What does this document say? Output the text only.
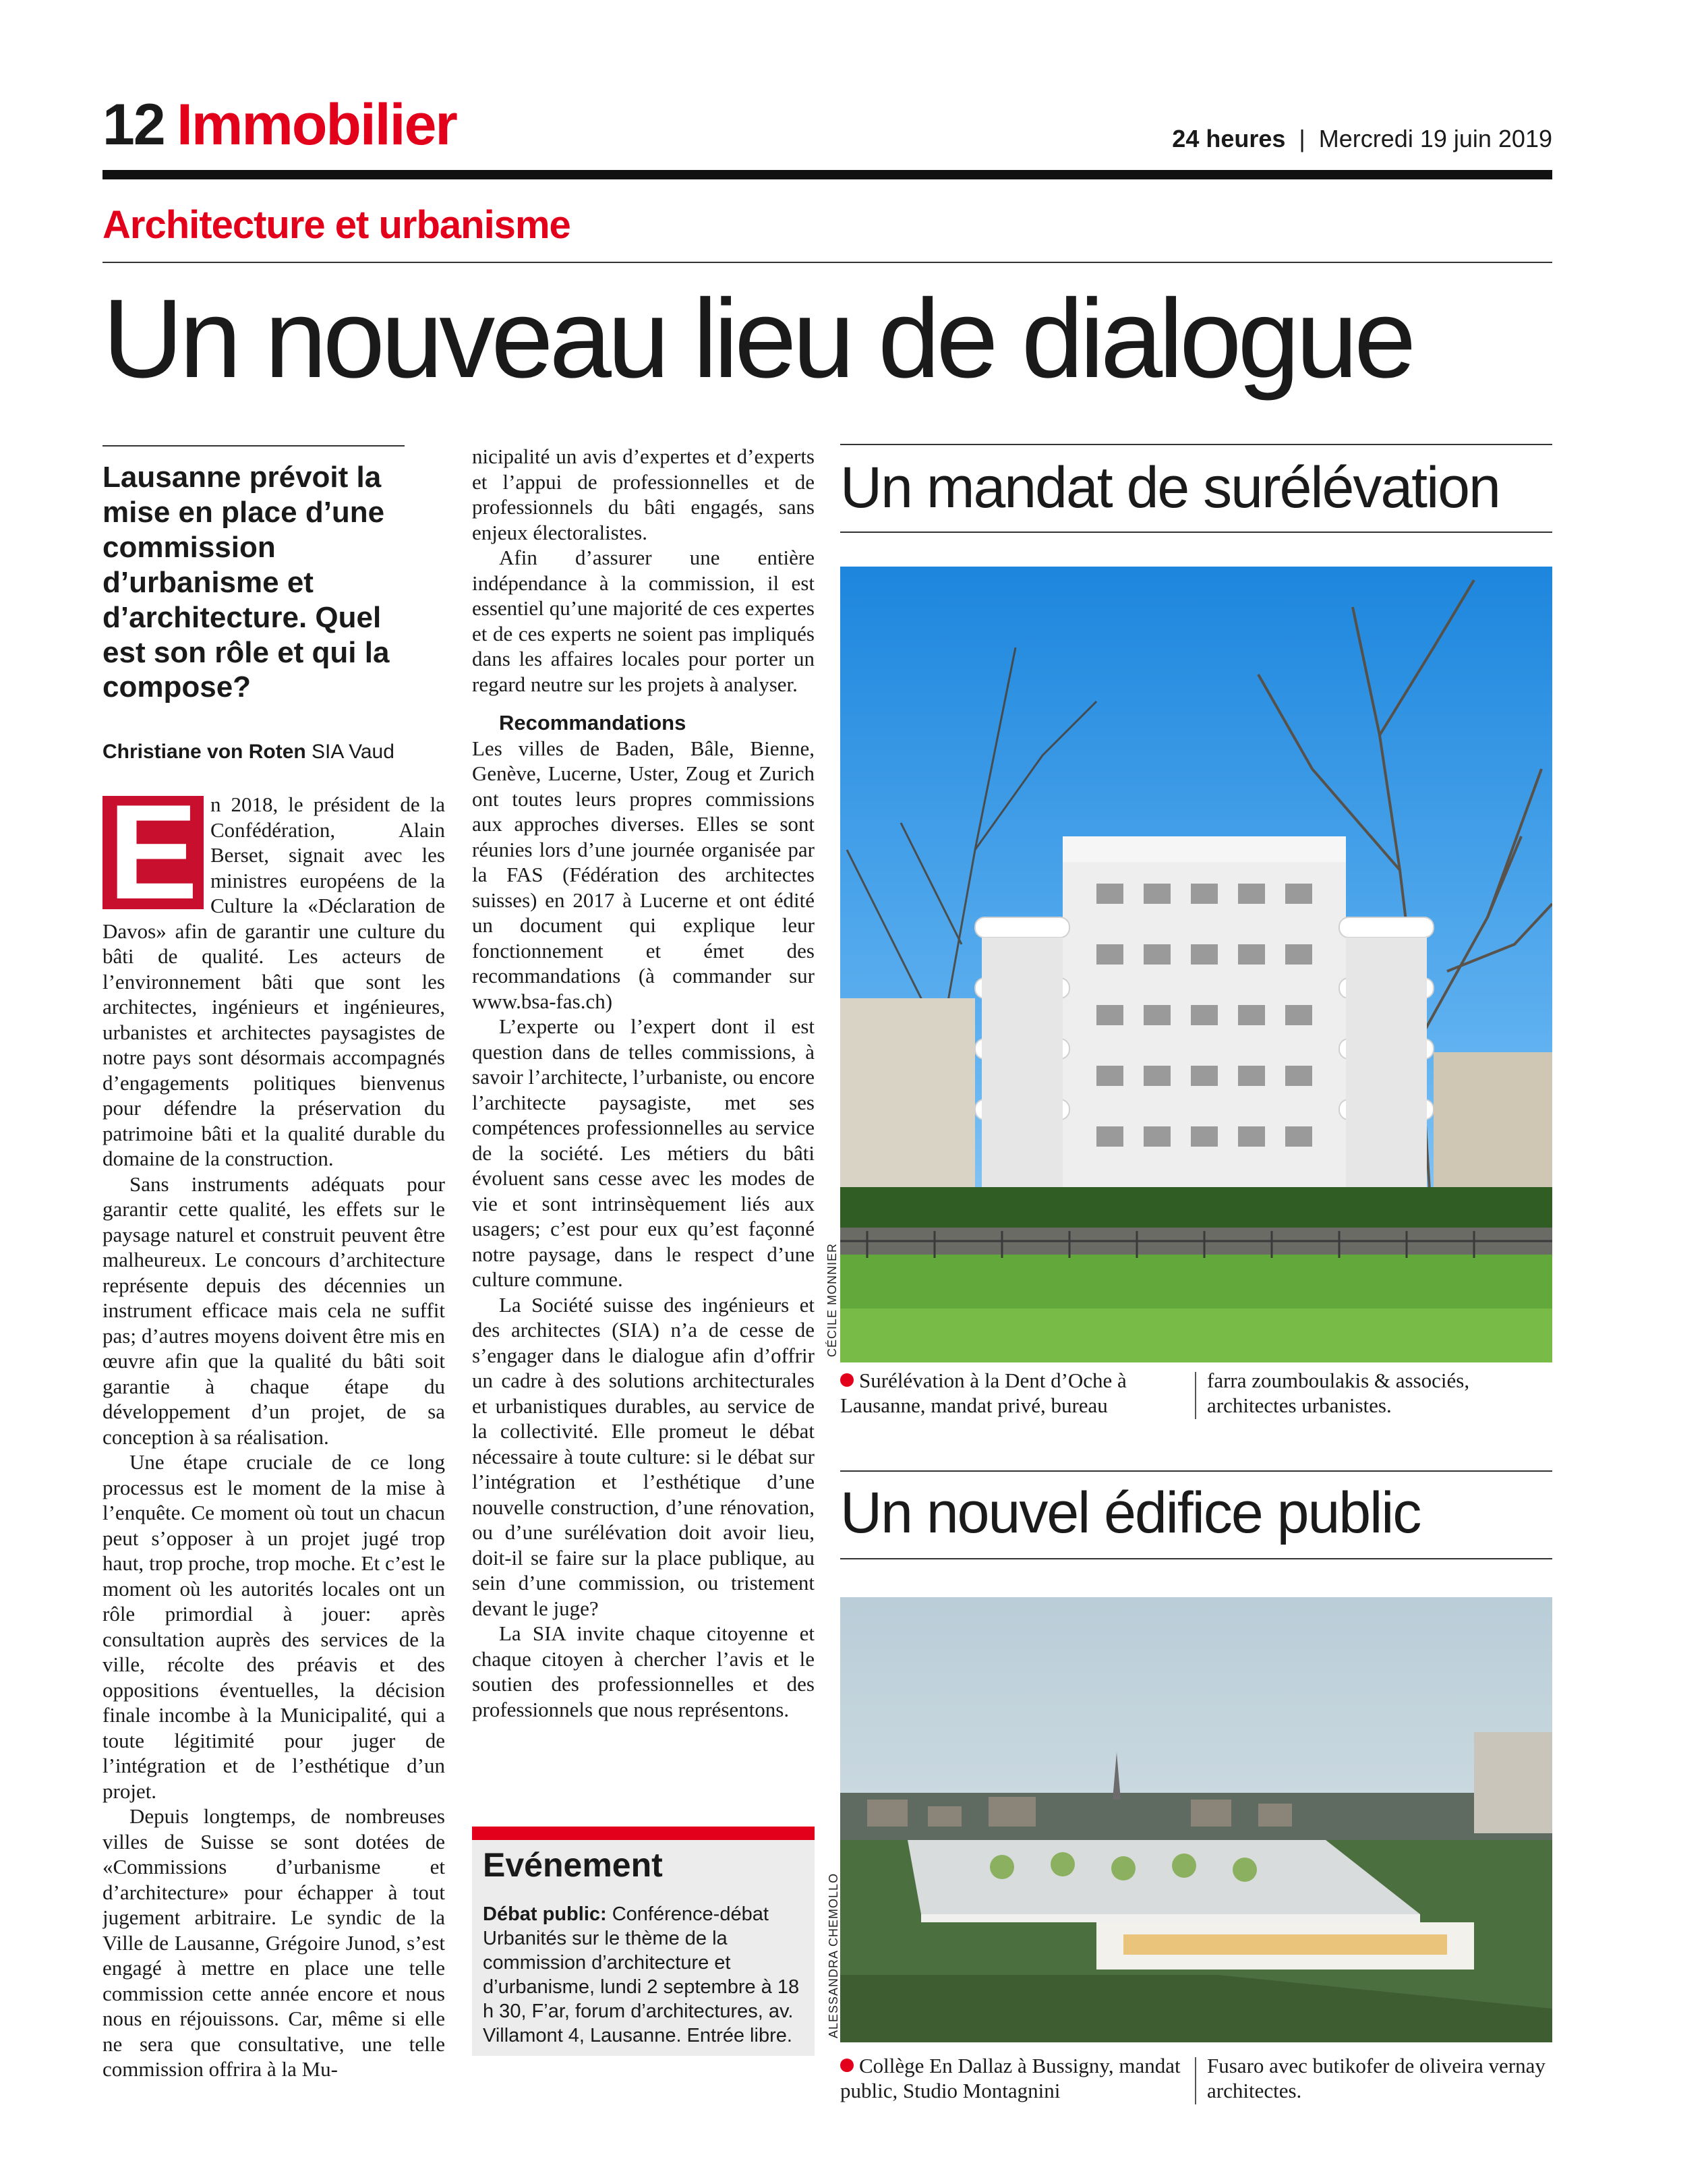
12 Immobilier	24 heures | Mercredi 19 juin 2019
Architecture et urbanisme
Un nouveau lieu de dialogue
Lausanne prévoit la mise en place d’une commission d’urbanisme et d’architecture. Quel est son rôle et qui la compose?
Christiane von Roten SIA Vaud
E n 2018, le président de la Confédération, Alain Berset, signait avec les ministres européens de la Culture la «Déclaration de Davos» afin de garantir une culture du bâti de qualité. Les acteurs de l’environnement bâti que sont les architectes, ingénieurs et ingénieures, urbanistes et architectes paysagistes de notre pays sont désormais accompagnés d’engagements politiques bienvenus pour défendre la préservation du patrimoine bâti et la qualité durable du domaine de la construction.

Sans instruments adéquats pour garantir cette qualité, les effets sur le paysage naturel et construit peuvent être malheureux. Le concours d’architecture représente depuis des décennies un instrument efficace mais cela ne suffit pas; d’autres moyens doivent être mis en œuvre afin que la qualité du bâti soit garantie à chaque étape du développement d’un projet, de sa conception à sa réalisation.

Une étape cruciale de ce long processus est le moment de la mise à l’enquête. Ce moment où tout un chacun peut s’opposer à un projet jugé trop haut, trop proche, trop moche. Et c’est le moment où les autorités locales ont un rôle primordial à jouer: après consultation auprès des services de la ville, récolte des préavis et des oppositions éventuelles, la décision finale incombe à la Municipalité, qui a toute légitimité pour juger de l’intégration et de l’esthétique d’un projet.

Depuis longtemps, de nombreuses villes de Suisse se sont dotées de «Commissions d’urbanisme et d’architecture» pour échapper à tout jugement arbitraire. Le syndic de la Ville de Lausanne, Grégoire Junod, s’est engagé à mettre en place une telle commission cette année encore et nous nous en réjouissons. Car, même si elle ne sera que consultative, une telle commission offrira à la Mu-

nicipalité un avis d’expertes et d’experts et l’appui de professionnelles et de professionnels du bâti engagés, sans enjeux électoralistes.

Afin d’assurer une entière indépendance à la commission, il est essentiel qu’une majorité de ces expertes et de ces experts ne soient pas impliqués dans les affaires locales pour porter un regard neutre sur les projets à analyser.

Recommandations

Les villes de Baden, Bâle, Bienne, Genève, Lucerne, Uster, Zoug et Zurich ont toutes leurs propres commissions aux approches diverses. Elles se sont réunies lors d’une journée organisée par la FAS (Fédération des architectes suisses) en 2017 à Lucerne et ont édité un document qui explique leur fonctionnement et émet des recommandations (à commander sur www.bsa-fas.ch)

L’experte ou l’expert dont il est question dans de telles commissions, à savoir l’architecte, l’urbaniste, ou encore l’architecte paysagiste, met ses compétences professionnelles au service de la société. Les métiers du bâti évoluent sans cesse avec les modes de vie et sont intrinsèquement liés aux usagers; c’est pour eux qu’est façonné notre paysage, dans le respect d’une culture commune.

La Société suisse des ingénieurs et des architectes (SIA) n’a de cesse de s’engager dans le dialogue afin d’offrir un cadre à des solutions architecturales et urbanistiques durables, au service de la collectivité. Elle promeut le débat nécessaire à toute culture: si le débat sur l’intégration et l’esthétique d’une nouvelle construction, d’une rénovation, ou d’une surélévation doit avoir lieu, doit-il se faire sur la place publique, au sein d’une commission, ou tristement devant le juge?

La SIA invite chaque citoyenne et chaque citoyen à chercher l’avis et le soutien des professionnelles et des professionnels que nous représentons.

Evénement
Débat public: Conférence-débat Urbanités sur le thème de la commission d’architecture et d’urbanisme, lundi 2 septembre à 18 h 30, F’ar, forum d’architectures, av. Villamont 4, Lausanne. Entrée libre.
Un mandat de surélévation
CÉCILE MONNIER
Surélévation à la Dent d’Oche à Lausanne, mandat privé, bureau
farra zoumboulakis & associés, architectes urbanistes.
Un nouvel édifice public
ALESSANDRA CHEMOLLO
Collège En Dallaz à Bussigny, mandat public, Studio Montagnini
Fusaro avec butikofer de oliveira vernay architectes.
